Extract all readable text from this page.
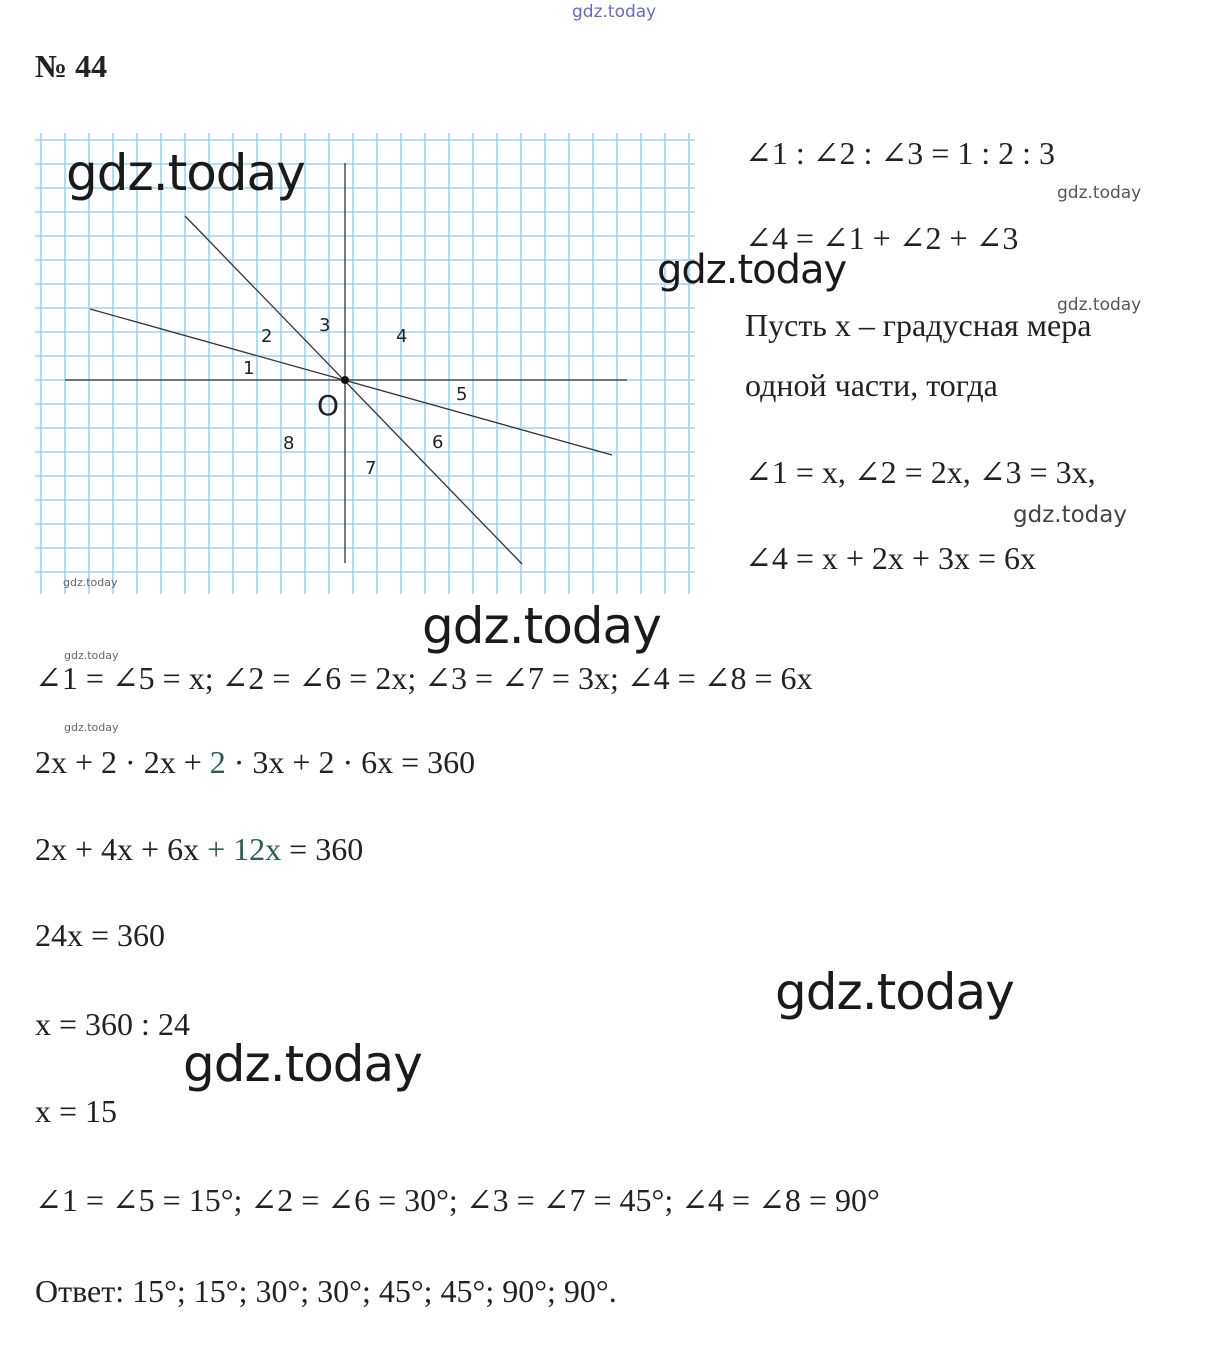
gdz.today
№ 44
O
1
2
3
4
5
6
7
8
gdz.today
gdz.today
gdz.today
gdz.today
gdz.today
gdz.today
gdz.today
gdz.today
gdz.today
gdz.today
gdz.today
∠1 : ∠2 : ∠3 = 1 : 2 : 3
∠4 = ∠1 + ∠2 + ∠3
Пусть x – градусная мера
одной части, тогда
∠1 = x, ∠2 = 2x, ∠3 = 3x,
∠4 = x + 2x + 3x = 6x
∠1 = ∠5 = x; ∠2 = ∠6 = 2x; ∠3 = ∠7 = 3x; ∠4 = ∠8 = 6x
2x + 2 · 2x + 2 · 3x + 2 · 6x = 360
2x + 4x + 6x + 12x = 360
24x = 360
x = 360 : 24
x = 15
∠1 = ∠5 = 15°; ∠2 = ∠6 = 30°; ∠3 = ∠7 = 45°; ∠4 = ∠8 = 90°
Ответ: 15°; 15°; 30°; 30°; 45°; 45°; 90°; 90°.
